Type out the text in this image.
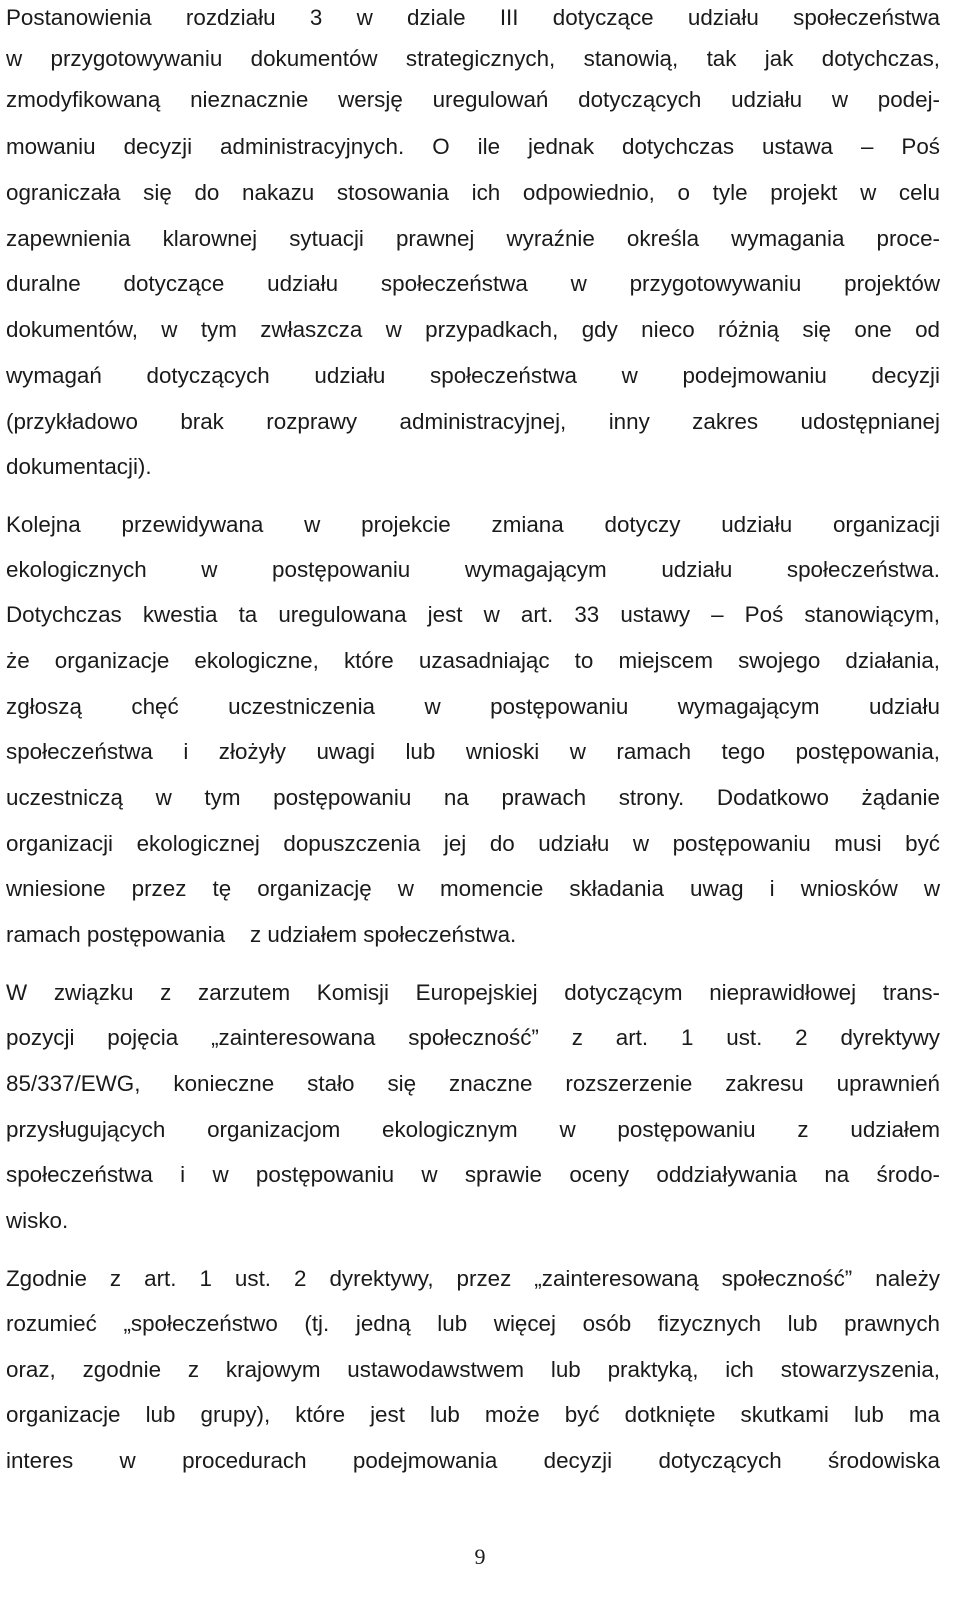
Postanowienia rozdziału 3 w dziale III dotyczące udziału społeczeństwa
w przygotowywaniu dokumentów strategicznych, stanowią, tak jak dotychczas,
zmodyfikowaną nieznacznie wersję uregulowań dotyczących udziału w podej-
mowaniu decyzji administracyjnych. O ile jednak dotychczas ustawa – Poś
ograniczała się do nakazu stosowania ich odpowiednio, o tyle projekt w celu
zapewnienia klarownej sytuacji prawnej wyraźnie określa wymagania proce-
duralne dotyczące udziału społeczeństwa w przygotowywaniu projektów
dokumentów, w tym zwłaszcza w przypadkach, gdy nieco różnią się one od
wymagań dotyczących udziału społeczeństwa w podejmowaniu decyzji
(przykładowo brak rozprawy administracyjnej, inny zakres udostępnianej
dokumentacji).
Kolejna przewidywana w projekcie zmiana dotyczy udziału organizacji
ekologicznych w postępowaniu wymagającym udziału społeczeństwa.
Dotychczas kwestia ta uregulowana jest w art. 33 ustawy – Poś stanowiącym,
że organizacje ekologiczne, które uzasadniając to miejscem swojego działania,
zgłoszą chęć uczestniczenia w postępowaniu wymagającym udziału
społeczeństwa i złożyły uwagi lub wnioski w ramach tego postępowania,
uczestniczą w tym postępowaniu na prawach strony. Dodatkowo żądanie
organizacji ekologicznej dopuszczenia jej do udziału w postępowaniu musi być
wniesione przez tę organizację w momencie składania uwag i wniosków w
ramach postępowania    z udziałem społeczeństwa.
W związku z zarzutem Komisji Europejskiej dotyczącym nieprawidłowej trans-
pozycji pojęcia „zainteresowana społeczność” z art. 1 ust. 2 dyrektywy
85/337/EWG, konieczne stało się znaczne rozszerzenie zakresu uprawnień
przysługujących organizacjom ekologicznym w postępowaniu z udziałem
społeczeństwa i w postępowaniu w sprawie oceny oddziaływania na środo-
wisko.
Zgodnie z art. 1 ust. 2 dyrektywy, przez „zainteresowaną społeczność” należy
rozumieć „społeczeństwo (tj. jedną lub więcej osób fizycznych lub prawnych
oraz, zgodnie z krajowym ustawodawstwem lub praktyką, ich stowarzyszenia,
organizacje lub grupy), które jest lub może być dotknięte skutkami lub ma
interes w procedurach podejmowania decyzji dotyczących środowiska
9
